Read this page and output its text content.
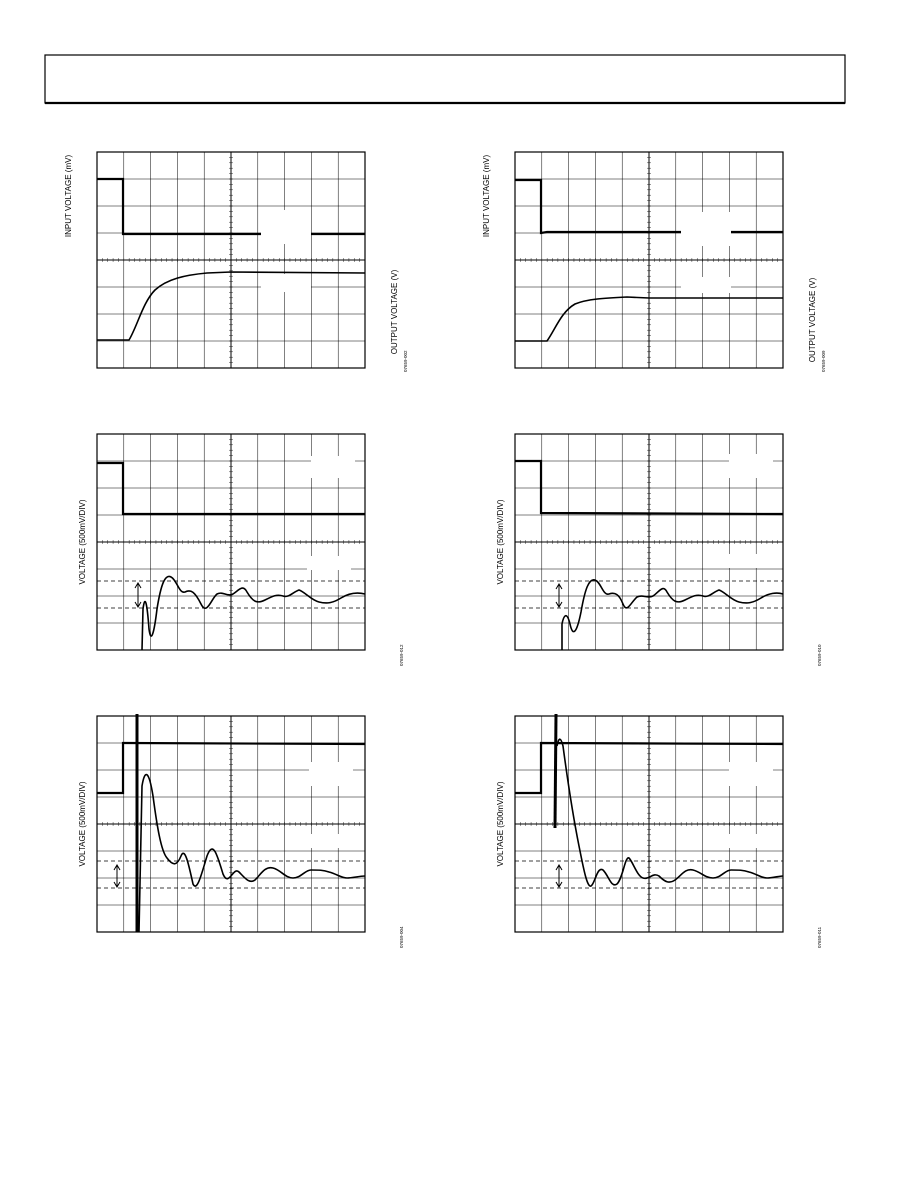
INPUT VOLTAGE (mV)
OUTPUT VOLTAGE (V)
07659-002
INPUT VOLTAGE (mV)
OUTPUT VOLTAGE (V) 07659-009
VOLTAGE (500mV/DIV)
07659-012
VOLTAGE (500mV/DIV)
07659-010
VOLTAGE (500mV/DIV)
07659-004
VOLTAGE (500mV/DIV)
07659-011
